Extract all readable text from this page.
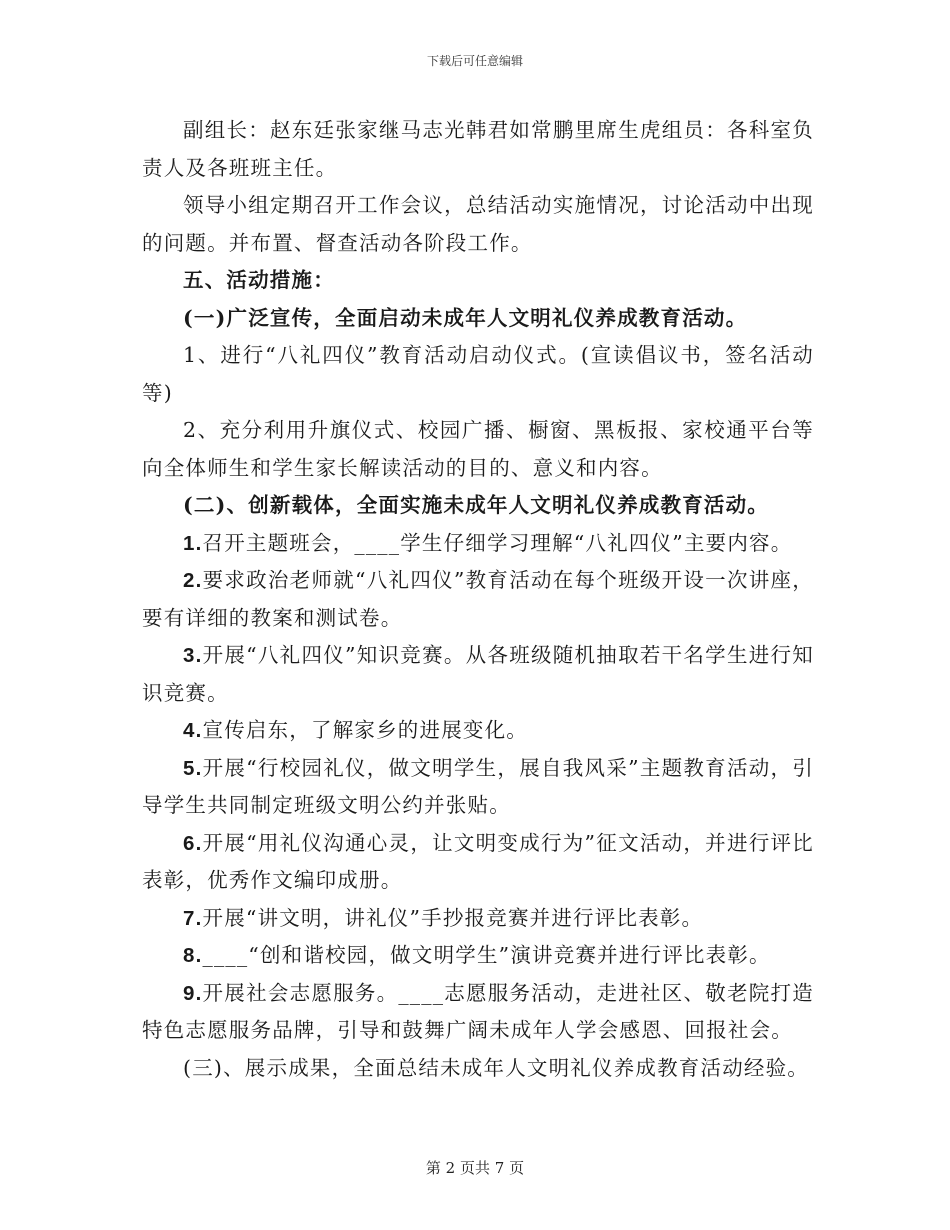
下载后可任意编辑

副组长：赵东廷张家继马志光韩君如常鹏里席生虎组员：各科室负责人及各班班主任。

领导小组定期召开工作会议，总结活动实施情况，讨论活动中出现的问题。并布置、督查活动各阶段工作。

五、活动措施：

(一)广泛宣传，全面启动未成年人文明礼仪养成教育活动。

1、进行“八礼四仪”教育活动启动仪式。(宣读倡议书，签名活动等)

2、充分利用升旗仪式、校园广播、橱窗、黑板报、家校通平台等向全体师生和学生家长解读活动的目的、意义和内容。

(二)、创新载体，全面实施未成年人文明礼仪养成教育活动。

1.召开主题班会，____学生仔细学习理解“八礼四仪”主要内容。

2.要求政治老师就“八礼四仪”教育活动在每个班级开设一次讲座，要有详细的教案和测试卷。

3.开展“八礼四仪”知识竞赛。从各班级随机抽取若干名学生进行知识竞赛。

4.宣传启东，了解家乡的进展变化。

5.开展“行校园礼仪，做文明学生，展自我风采”主题教育活动，引导学生共同制定班级文明公约并张贴。

6.开展“用礼仪沟通心灵，让文明变成行为”征文活动，并进行评比表彰，优秀作文编印成册。

7.开展“讲文明，讲礼仪”手抄报竞赛并进行评比表彰。

8.____“创和谐校园，做文明学生”演讲竞赛并进行评比表彰。

9.开展社会志愿服务。____志愿服务活动，走进社区、敬老院打造特色志愿服务品牌，引导和鼓舞广阔未成年人学会感恩、回报社会。

(三)、展示成果，全面总结未成年人文明礼仪养成教育活动经验。

第 2 页共 7 页
